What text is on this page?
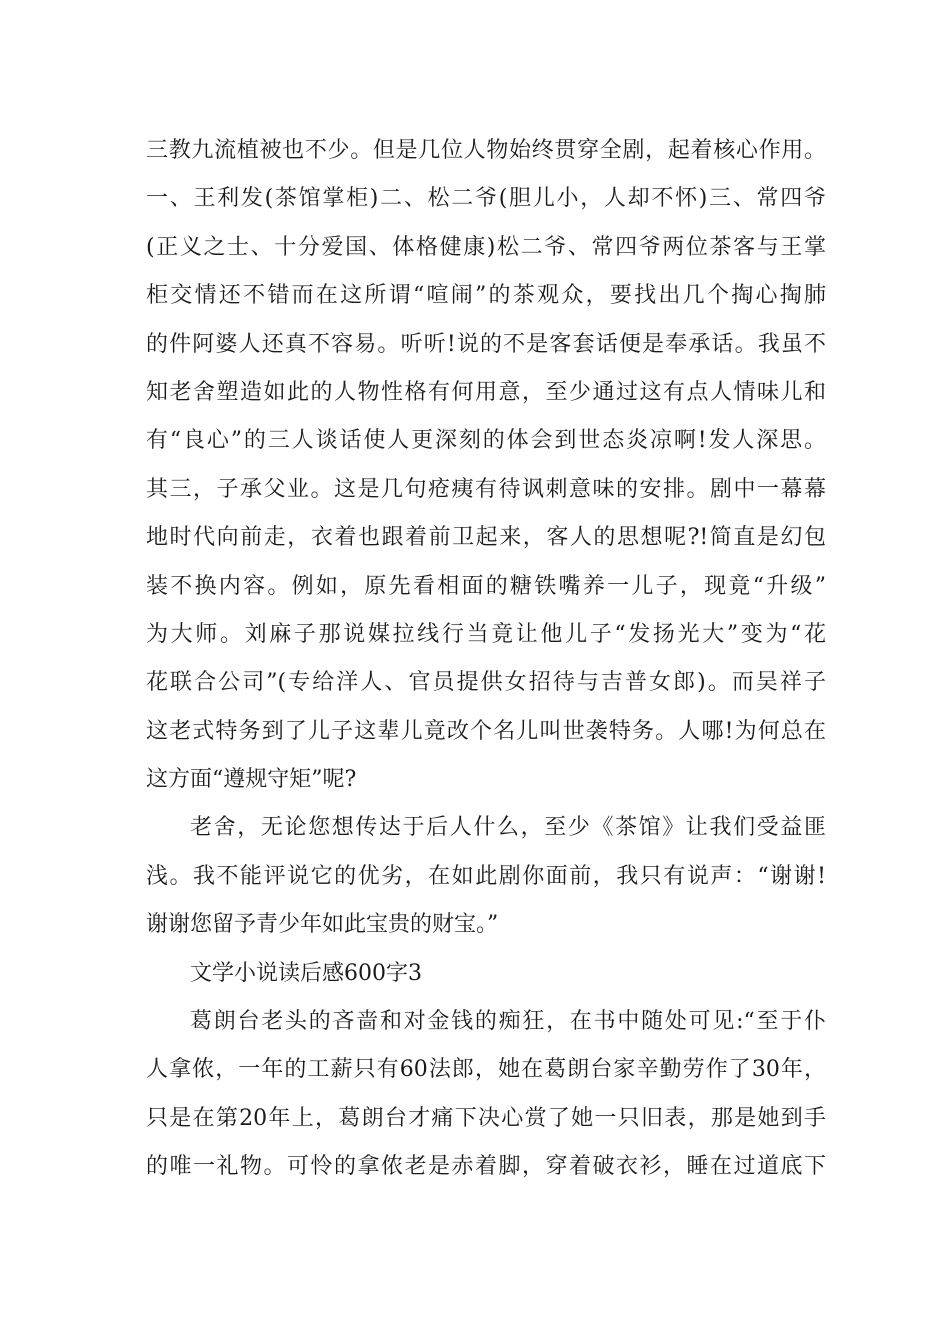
三教九流植被也不少。但是几位人物始终贯穿全剧，起着核心作用。
一、王利发(茶馆掌柜)二、松二爷(胆儿小，人却不怀)三、常四爷
(正义之士、十分爱国、体格健康)松二爷、常四爷两位茶客与王掌
柜交情还不错而在这所谓“喧闹”的茶观众，要找出几个掏心掏肺
的件阿婆人还真不容易。听听!说的不是客套话便是奉承话。我虽不
知老舍塑造如此的人物性格有何用意，至少通过这有点人情味儿和
有“良心”的三人谈话使人更深刻的体会到世态炎凉啊!发人深思。
其三，子承父业。这是几句疮痍有待讽刺意味的安排。剧中一幕幕
地时代向前走，衣着也跟着前卫起来，客人的思想呢?!简直是幻包
装不换内容。例如，原先看相面的糖铁嘴养一儿子，现竟“升级”
为大师。刘麻子那说媒拉线行当竟让他儿子“发扬光大”变为“花
花联合公司”(专给洋人、官员提供女招待与吉普女郎)。而吴祥子
这老式特务到了儿子这辈儿竟改个名儿叫世袭特务。人哪!为何总在
这方面“遵规守矩”呢?
老舍，无论您想传达于后人什么，至少《茶馆》让我们受益匪
浅。我不能评说它的优劣，在如此剧你面前，我只有说声：“谢谢!
谢谢您留予青少年如此宝贵的财宝。”
文学小说读后感600字3
葛朗台老头的吝啬和对金钱的痴狂，在书中随处可见:“至于仆
人拿侬，一年的工薪只有60法郎，她在葛朗台家辛勤劳作了30年，
只是在第20年上，葛朗台才痛下决心赏了她一只旧表，那是她到手
的唯一礼物。可怜的拿侬老是赤着脚，穿着破衣衫，睡在过道底下
